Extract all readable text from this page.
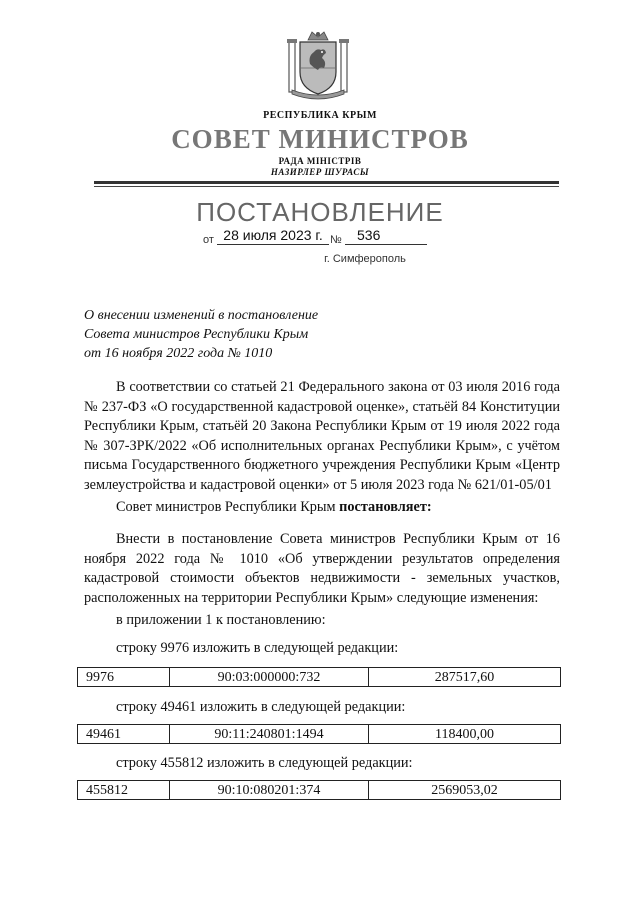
РЕСПУБЛИКА КРЫМ
СОВЕТ МИНИСТРОВ
РАДА МІНІСТРІВ
НАЗИРЛЕР ШУРАСЫ
ПОСТАНОВЛЕНИЕ
от 28 июля 2023 г. №	536
г. Симферополь
О внесении изменений в постановление
Совета министров Республики Крым
от 16 ноября 2022 года № 1010
В соответствии со статьей 21 Федерального закона от 03 июля 2016 года № 237-ФЗ «О государственной кадастровой оценке», статьёй 84 Конституции Республики Крым, статьёй 20 Закона Республики Крым от 19 июля 2022 года № 307-ЗРК/2022 «Об исполнительных органах Республики Крым», с учётом письма Государственного бюджетного учреждения Республики Крым «Центр землеустройства и кадастровой оценки» от 5 июля 2023 года № 621/01-05/01
Совет министров Республики Крым постановляет:
Внести в постановление Совета министров Республики Крым от 16 ноября 2022 года № 1010 «Об утверждении результатов определения кадастровой стоимости объектов недвижимости - земельных участков, расположенных на территории Республики Крым» следующие изменения:
в приложении 1 к постановлению:
строку 9976 изложить в следующей редакции:
9976	90:03:000000:732	287517,60
строку 49461 изложить в следующей редакции:
49461	90:11:240801:1494	118400,00
строку 455812 изложить в следующей редакции:
455812	90:10:080201:374	2569053,02
